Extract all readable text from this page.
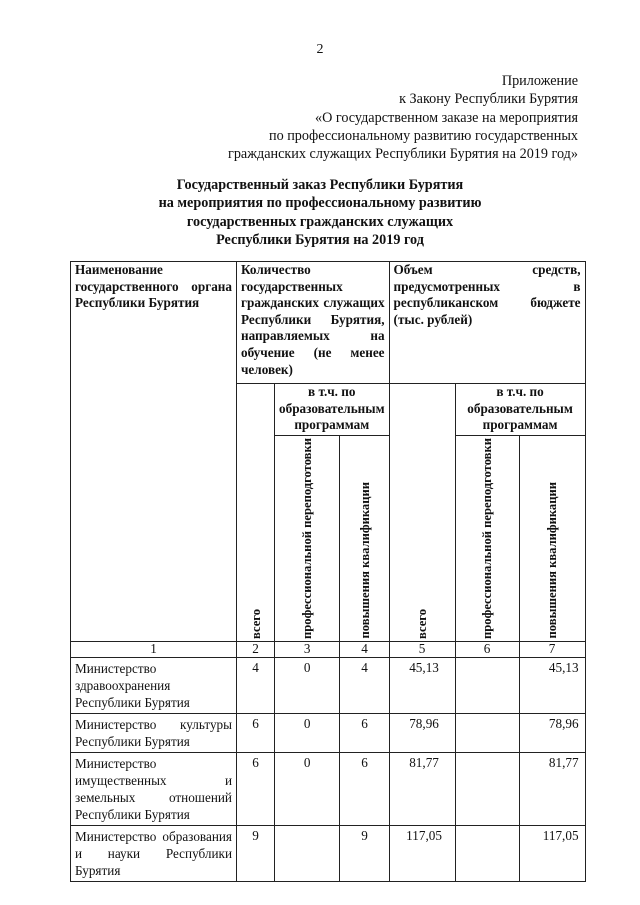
2
Приложение
к Закону Республики Бурятия
«О государственном заказе на мероприятия
по профессиональному развитию государственных
гражданских служащих Республики Бурятия на 2019 год»
Государственный заказ Республики Бурятия
на мероприятия по профессиональному развитию
государственных гражданских служащих
Республики Бурятия на 2019 год
Наименование государственного органа Республики Бурятия	Количество государственных гражданских служащих Республики Бурятия, направляемых на обучение (не менее человек)			Объем средств, предусмотренных в республиканском бюджете (тыс. рублей)		

	всего	в т.ч. по образовательным программам		всего	в т.ч. по образовательным программам	

		профессиональной переподготовки	повышения квалификации		профессиональной переподготовки	повышения квалификации

1	2	3	4	5	6	7
Министерство здравоохранения Республики Бурятия	4	0	4	45,13		45,13
Министерство культуры Республики Бурятия	6	0	6	78,96		78,96
Министерство имущественных и земельных отношений Республики Бурятия	6	0	6	81,77		81,77
Министерство образования и науки Республики Бурятия	9		9	117,05		117,05
